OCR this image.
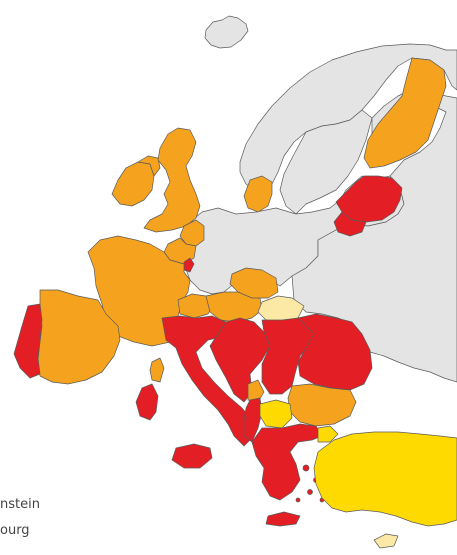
nstein
ourg
